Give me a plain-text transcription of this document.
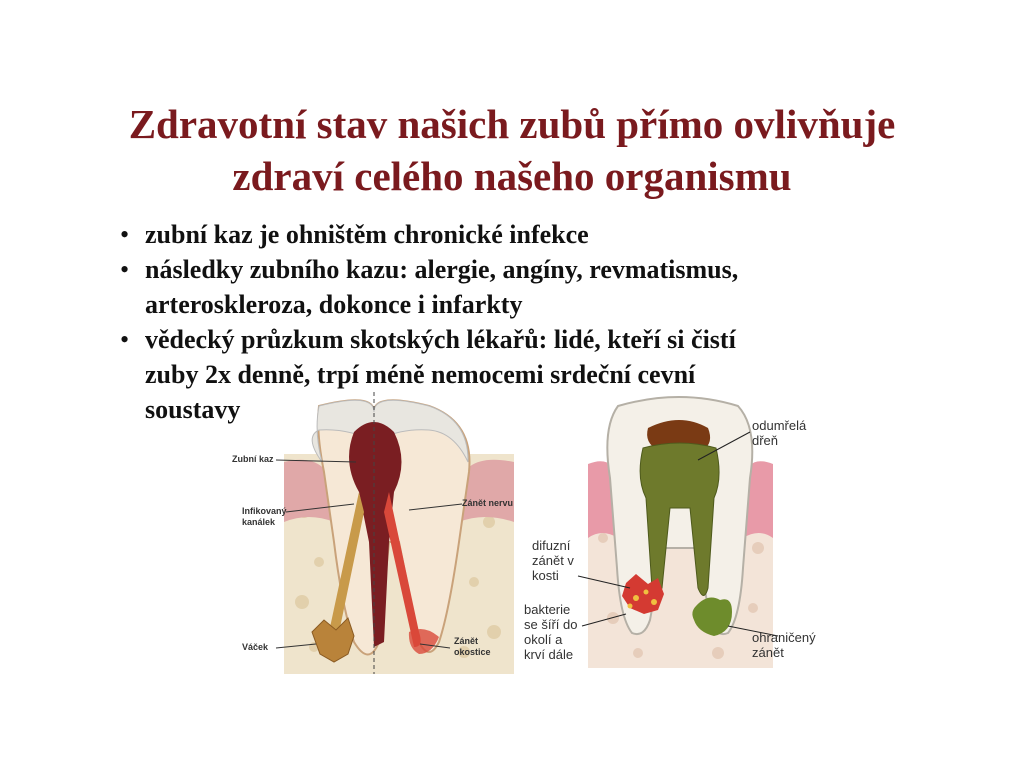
Zdravotní stav našich zubů přímo ovlivňuje
zdraví celého našeho organismu
• zubní kaz je ohništěm chronické infekce
• následky zubního kazu: alergie, angíny, revmatismus,
arteroskleroza, dokonce i infarkty
• vědecký průzkum skotských lékařů: lidé, kteří si čistí
zuby 2x denně, trpí méně nemocemi srdeční cevní
soustavy
Zubní kaz
Zánět nervu
Infikovaný
kanálek
Váček
Zánět
okostice
odumřelá
dřeň
difuzní
zánět v
kosti
bakterie
se šíří do
okolí a
krví dále
ohraničený
zánět
